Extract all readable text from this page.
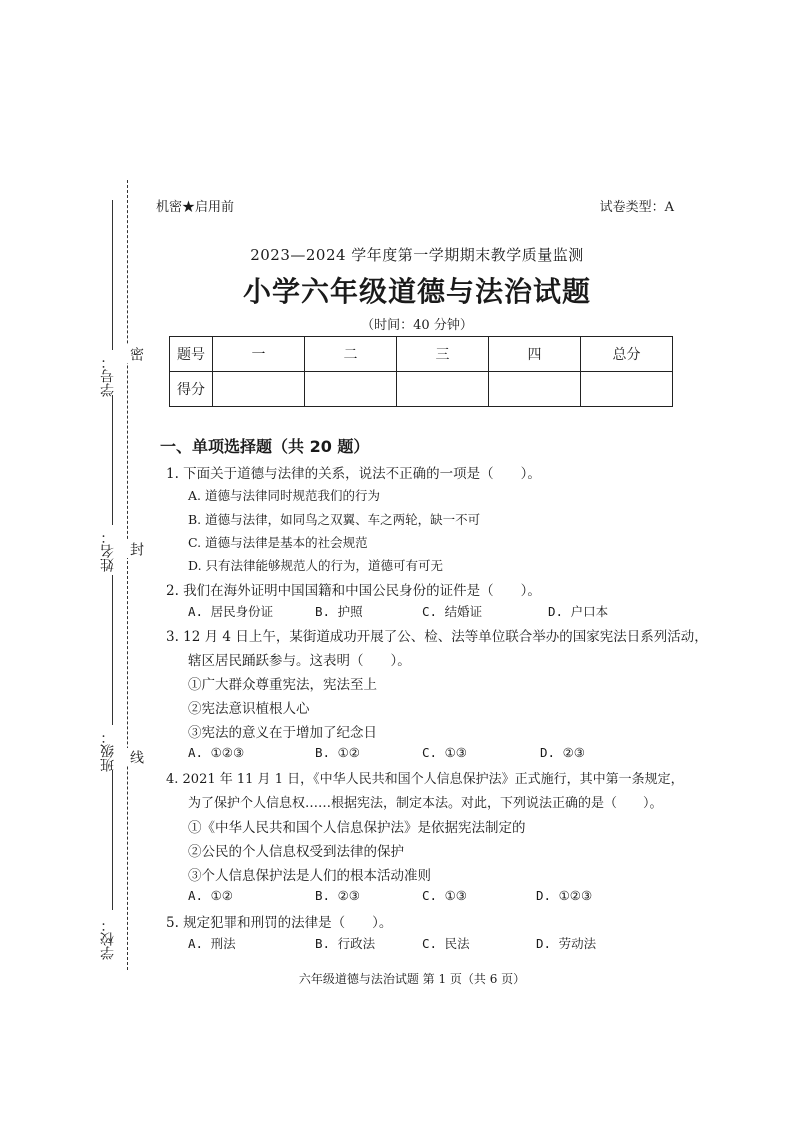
密
封
线
学号：
姓名：
班级：
学校：
机密★启用前	试卷类型：A
2023—2024 学年度第一学期期末教学质量监测
小学六年级道德与法治试题
（时间：40 分钟）
题号	一	二	三	四	总分
得分					
一、单项选择题（共 20 题）
1. 下面关于道德与法律的关系，说法不正确的一项是（　　）。
A. 道德与法律同时规范我们的行为
B. 道德与法律，如同鸟之双翼、车之两轮，缺一不可
C. 道德与法律是基本的社会规范
D. 只有法律能够规范人的行为，道德可有可无
2. 我们在海外证明中国国籍和中国公民身份的证件是（　　）。
A. 居民身份证	B. 护照	C. 结婚证	D. 户口本
3. 12 月 4 日上午，某街道成功开展了公、检、法等单位联合举办的国家宪法日系列活动，
辖区居民踊跃参与。这表明（　　）。
①广大群众尊重宪法，宪法至上
②宪法意识植根人心
③宪法的意义在于增加了纪念日
A. ①②③	B. ①②	C. ①③	D. ②③
4. 2021 年 11 月 1 日，《中华人民共和国个人信息保护法》正式施行，其中第一条规定，
为了保护个人信息权……根据宪法，制定本法。对此，下列说法正确的是（　　）。
①《中华人民共和国个人信息保护法》是依据宪法制定的
②公民的个人信息权受到法律的保护
③个人信息保护法是人们的根本活动准则
A. ①②	B. ②③	C. ①③	D. ①②③
5. 规定犯罪和刑罚的法律是（　　）。
A. 刑法	B. 行政法	C. 民法	D. 劳动法
六年级道德与法治试题 第 1 页（共 6 页）
